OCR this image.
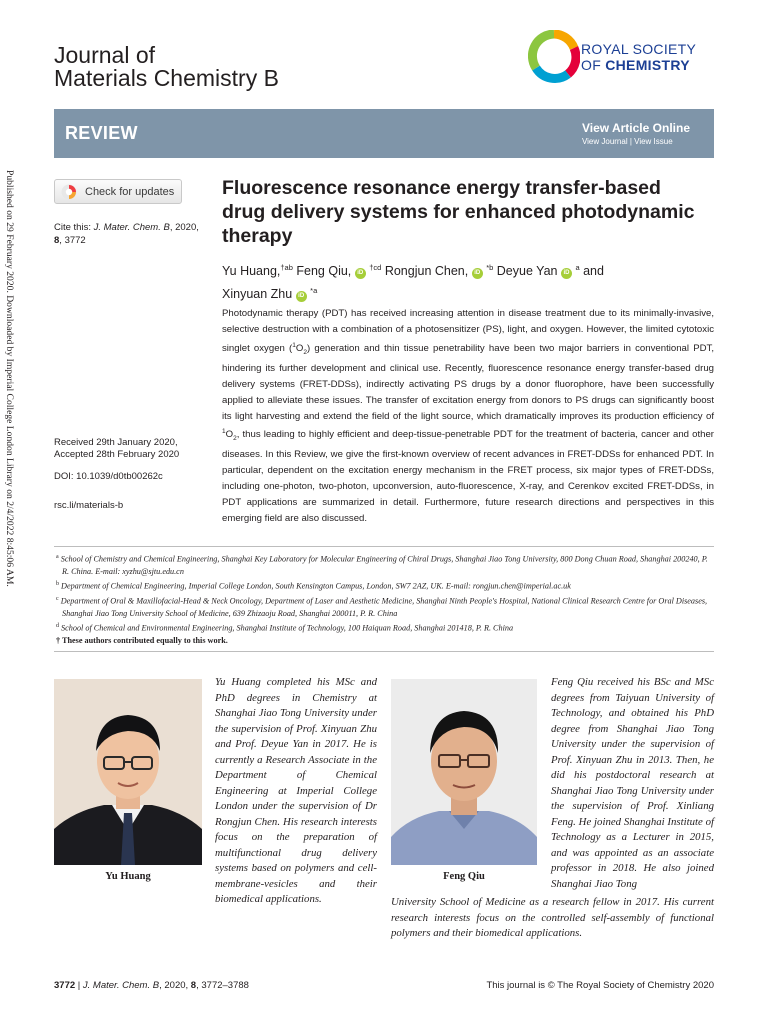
Published on 29 February 2020. Downloaded by Imperial College London Library on 2/4/2022 8:45:06 AM.
Journal of
Materials Chemistry B
ROYAL SOCIETY
OF CHEMISTRY
REVIEW	View Article Online
View Journal | View Issue
Check for updates
Cite this: J. Mater. Chem. B, 2020,
8, 3772
Received 29th January 2020,
Accepted 28th February 2020
DOI: 10.1039/d0tb00262c
rsc.li/materials-b
Fluorescence resonance energy transfer-based drug delivery systems for enhanced photodynamic therapy
Yu Huang,$^{\dagger ab}$ Feng Qiu, iD $^{\dagger cd}$ Rongjun Chen, iD $^{*b}$ Deyue Yan iD $^a$ and
Xinyuan Zhu iD $^{*a}$
Photodynamic therapy (PDT) has received increasing attention in disease treatment due to its minimally-invasive, selective destruction with a combination of a photosensitizer (PS), light, and oxygen. However, the limited cytotoxic singlet oxygen $(^1O_2)$ generation and thin tissue penetrability have been two major barriers in conventional PDT, hindering its further development and clinical use. Recently, fluorescence resonance energy transfer-based drug delivery systems (FRET-DDSs), indirectly activating PS drugs by a donor fluorophore, have been successfully applied to alleviate these issues. The transfer of excitation energy from donors to PS drugs can significantly boost its light harvesting and extend the field of the light source, which dramatically improves its production efficiency of $^1O_2$, thus leading to highly efficient and deep-tissue-penetrable PDT for the treatment of bacteria, cancer and other diseases. In this Review, we give the first-known overview of recent advances in FRET-DDSs for enhanced PDT. In particular, dependent on the excitation energy mechanism in the FRET process, six major types of FRET-DDSs, including one-photon, two-photon, upconversion, auto-fluorescence, X-ray, and Cerenkov excited FRET-DDSs, in PDT applications are summarized in detail. Furthermore, future research directions and perspectives in this emerging field are also discussed.

$^a$ School of Chemistry and Chemical Engineering, Shanghai Key Laboratory for Molecular Engineering of Chiral Drugs, Shanghai Jiao Tong University, 800 Dong Chuan Road, Shanghai 200240, P. R. China. E-mail: xyzhu@sjtu.edu.cn

$^b$ Department of Chemical Engineering, Imperial College London, South Kensington Campus, London, SW7 2AZ, UK. E-mail: rongjun.chen@imperial.ac.uk

$^c$ Department of Oral & Maxillofacial-Head & Neck Oncology, Department of Laser and Aesthetic Medicine, Shanghai Ninth People's Hospital, National Clinical Research Centre for Oral Diseases, Shanghai Jiao Tong University School of Medicine, 639 Zhizaoju Road, Shanghai 200011, P. R. China

$^d$ School of Chemical and Environmental Engineering, Shanghai Institute of Technology, 100 Haiquan Road, Shanghai 201418, P. R. China

† These authors contributed equally to this work.

Yu Huang	Feng Qiu
Yu Huang completed his MSc and PhD degrees in Chemistry at Shanghai Jiao Tong University under the supervision of Prof. Xinyuan Zhu and Prof. Deyue Yan in 2017. He is currently a Research Associate in the Department of Chemical Engineering at Imperial College London under the supervision of Dr Rongjun Chen. His research interests focus on the preparation of multifunctional drug delivery systems based on polymers and cell-membrane-vesicles and their biomedical applications.
Feng Qiu received his BSc and MSc degrees from Taiyuan University of Technology, and obtained his PhD degree from Shanghai Jiao Tong University under the supervision of Prof. Xinyuan Zhu in 2013. Then, he did his postdoctoral research at Shanghai Jiao Tong University under the supervision of Prof. Xinliang Feng. He joined Shanghai Institute of Technology as a Lecturer in 2015, and was appointed as an associate professor in 2018. He also joined Shanghai Jiao Tong
University School of Medicine as a research fellow in 2017. His current research interests focus on the controlled self-assembly of functional polymers and their biomedical applications.
3772 | J. Mater. Chem. B, 2020, 8, 3772–3788	This journal is © The Royal Society of Chemistry 2020
